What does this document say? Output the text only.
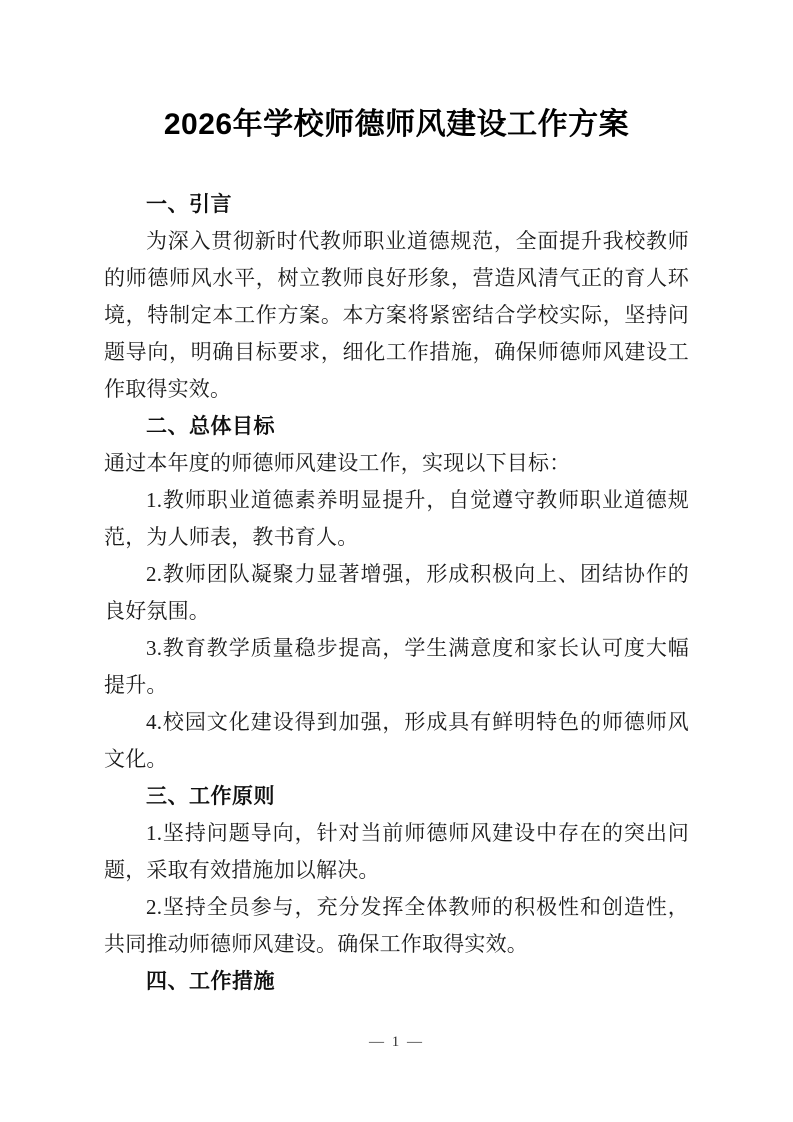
2026年学校师德师风建设工作方案

一、引言

为深入贯彻新时代教师职业道德规范，全面提升我校教师的师德师风水平，树立教师良好形象，营造风清气正的育人环境，特制定本工作方案。本方案将紧密结合学校实际，坚持问题导向，明确目标要求，细化工作措施，确保师德师风建设工作取得实效。

二、总体目标

通过本年度的师德师风建设工作，实现以下目标：

1.教师职业道德素养明显提升，自觉遵守教师职业道德规范，为人师表，教书育人。

2.教师团队凝聚力显著增强，形成积极向上、团结协作的良好氛围。

3.教育教学质量稳步提高，学生满意度和家长认可度大幅提升。

4.校园文化建设得到加强，形成具有鲜明特色的师德师风文化。

三、工作原则

1.坚持问题导向，针对当前师德师风建设中存在的突出问题，采取有效措施加以解决。

2.坚持全员参与，充分发挥全体教师的积极性和创造性，共同推动师德师风建设。确保工作取得实效。

四、工作措施

— 1 —
